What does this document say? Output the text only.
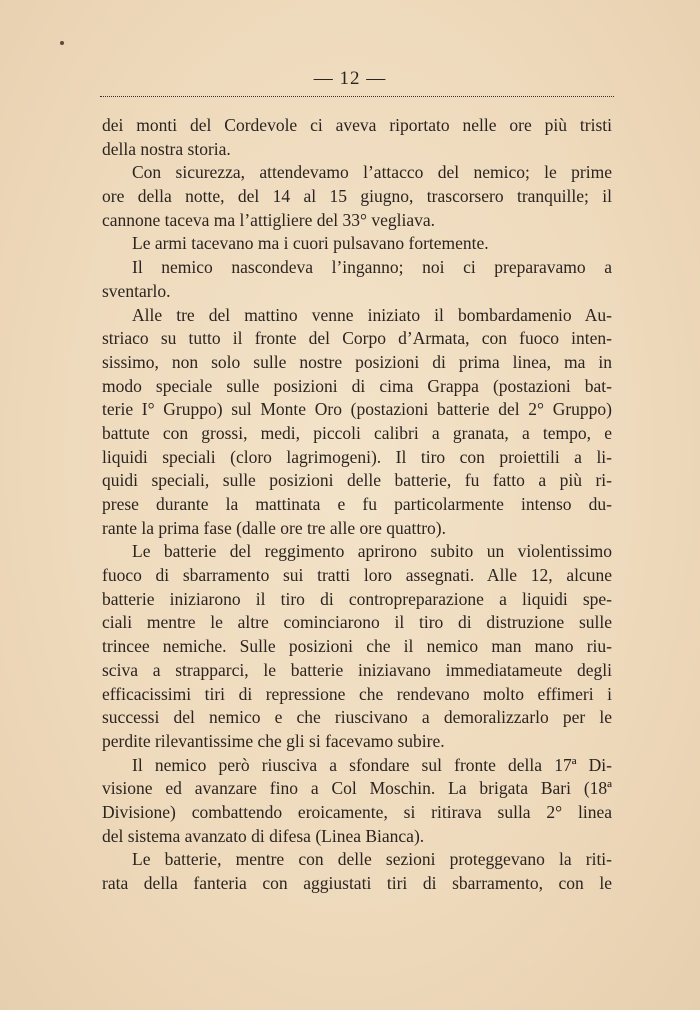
— 12 —
dei monti del Cordevole ci aveva riportato nelle ore più tristi
della nostra storia.
Con sicurezza, attendevamo l’attacco del nemico; le prime
ore della notte, del 14 al 15 giugno, trascorsero tranquille; il
cannone taceva ma l’attigliere del 33° vegliava.
Le armi tacevano ma i cuori pulsavano fortemente.
Il nemico nascondeva l’inganno; noi ci preparavamo a
sventarlo.
Alle tre del mattino venne iniziato il bombardamenio Au-
striaco su tutto il fronte del Corpo d’Armata, con fuoco inten-
sissimo, non solo sulle nostre posizioni di prima linea, ma in
modo speciale sulle posizioni di cima Grappa (postazioni bat-
terie I° Gruppo) sul Monte Oro (postazioni batterie del 2° Gruppo)
battute con grossi, medi, piccoli calibri a granata, a tempo, e
liquidi speciali (cloro lagrimogeni). Il tiro con proiettili a li-
quidi speciali, sulle posizioni delle batterie, fu fatto a più ri-
prese durante la mattinata e fu particolarmente intenso du-
rante la prima fase (dalle ore tre alle ore quattro).
Le batterie del reggimento aprirono subito un violentissimo
fuoco di sbarramento sui tratti loro assegnati. Alle 12, alcune
batterie iniziarono il tiro di contropreparazione a liquidi spe-
ciali mentre le altre cominciarono il tiro di distruzione sulle
trincee nemiche. Sulle posizioni che il nemico man mano riu-
sciva a strapparci, le batterie iniziavano immediatameute degli
efficacissimi tiri di repressione che rendevano molto effimeri i
successi del nemico e che riuscivano a demoralizzarlo per le
perdite rilevantissime che gli si facevamo subire.
Il nemico però riusciva a sfondare sul fronte della 17ª Di-
visione ed avanzare fino a Col Moschin. La brigata Bari (18ª
Divisione) combattendo eroicamente, si ritirava sulla 2° linea
del sistema avanzato di difesa (Linea Bianca).
Le batterie, mentre con delle sezioni proteggevano la riti-
rata della fanteria con aggiustati tiri di sbarramento, con le
